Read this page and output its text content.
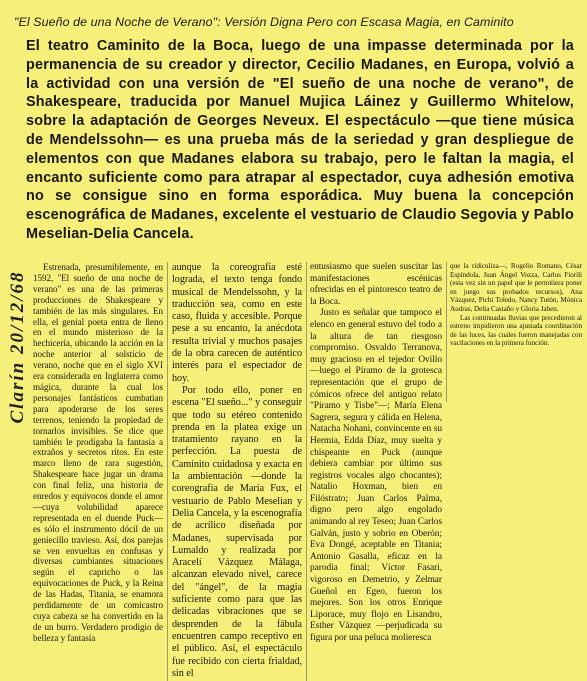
"El Sueño de una Noche de Verano": Versión Digna Pero con Escasa Magia, en Caminito
El teatro Caminito de la Boca, luego de una impasse determinada por la permanencia de su creador y director, Cecilio Madanes, en Europa, volvió a la actividad con una versión de "El sueño de una noche de verano", de Shakespeare, traducida por Manuel Mujica Láinez y Guillermo Whitelow, sobre la adaptación de Georges Neveux. El espectáculo —que tiene música de Mendelssohn— es una prueba más de la seriedad y gran despliegue de elementos con que Madanes elabora su trabajo, pero le faltan la magia, el encanto suficiente como para atrapar al espectador, cuya adhesión emotiva no se consigue sino en forma esporádica. Muy buena la concepción escenográfica de Madanes, excelente el vestuario de Claudio Segovia y Pablo Meselian-Delia Cancela.
Clarín 20/12/68

Estrenada, presumiblemente, en 1592, "El sueño de una noche de verano" es una de las primeras producciones de Shakespeare y también de las más singulares. En ella, el genial poeta entra de lleno en el mundo misterioso de la hechicería, ubicando la acción en la noche anterior al solsticio de verano, noche que en el siglo XVI era considerada en Inglaterra como mágica, durante la cual los personajes fantásticos cumbatian para apoderarse de los seres terrenos, teniendo la propiedad de tornarlos invisibles. Se dice que también le prodigaba la fantasía a extraños y secretos ritos. En este marco lleno de rara sugestión, Shakespeare hace jugar un drama con final feliz, una historia de enredos y equívocos donde el amor —cuya volubilidad aparece representada en el duende Puck— es sólo el instrumento dócil de un geniecillo travieso. Así, dos parejas se ven envueltas en confusas y diversas cambiantes situaciones según el capricho o las equivocaciones de Puck, y la Reina de las Hadas, Titania, se enamora perdidamente de un comicastro cuya cabeza se ha convertido en la de un burro. Verdadero prodigio de belleza y fantasía

aunque la coreografía esté lograda, el texto tenga fondo musical de Mendelssohn, y la traducción sea, como en este caso, fluida y accesible. Porque pese a su encanto, la anécdota resulta trivial y muchos pasajes de la obra carecen de auténtico interés para el espectador de hoy.

Por todo ello, poner en escena "El sueño..." y conseguir que todo su etéreo contenido prenda en la platea exige un tratamiento rayano en la perfección. La puesta de Caminito cuidadosa y exacta en la ambientación —donde la coreografía de María Fux, el vestuario de Pablo Meselian y Delia Cancela, y la escenografía de acrílico diseñada por Madanes, supervisada por Lumaldo y realizada por Aracelí Vázquez Málaga, alcanzan elevado nivel, carece del "ángel", de la magia suficiente como para que las delicadas vibraciones que se desprenden de la fábula encuentren campo receptivo en el público. Así, el espectáculo fue recibido con cierta frialdad, sin el

entusiasmo que suelen suscitar las manifestaciones escénicas ofrecidas en el pintoresco teatro de la Boca.

Justo es señalar que tampoco el elenco en general estuvo del todo a la altura de tan riesgoso compromiso. Osvaldo Terranova, muy gracioso en el tejedor Ovillo —luego el Píramo de la grotesca representación que el grupo de cómicos ofrece del antiguo relato "Píramo y Tisbe"—; María Elena Sagrera, segura y cálida en Helena, Natacha Nohani, convincente en su Hermia, Edda Díaz, muy suelta y chispeante en Puck (aunque debiera cambiar por último sus registros vocales algo chocantes); Natalio Hoxman, bien en Filóstrato; Juan Carlos Palma, digno pero algo engolado animando al rey Teseo; Juan Carlos Galván, justo y sobrio en Oberón; Eva Dongé, aceptable en Titania; Antonio Gasalla, eficaz en la parodia final; Víctor Fasari, vigoroso en Demetrio, y Zelmar Gueñol en Egeo, fueron los mejores. Son los otros Enrique Liporace, muy flojo en Lisandro, Esther Vázquez —perjudicada su figura por una peluca molieresca

que la ridiculiza—, Rogelio Romano, César Espíndola, Juan Ángel Vozza, Carlos Fiorili (esta vez sin un papel que le permitiera poner en juego sus probados recursos), Ana Vázquez, Pichi Toledo, Nancy Tutón, Mónica Audras, Delia Castaño y Gloria Jaben.

Las continuadas lluvias que precedieron al estreno impidieron una ajustada coordinación de las luces, las cuales fueron manejadas con vacilaciones en la primera función.
